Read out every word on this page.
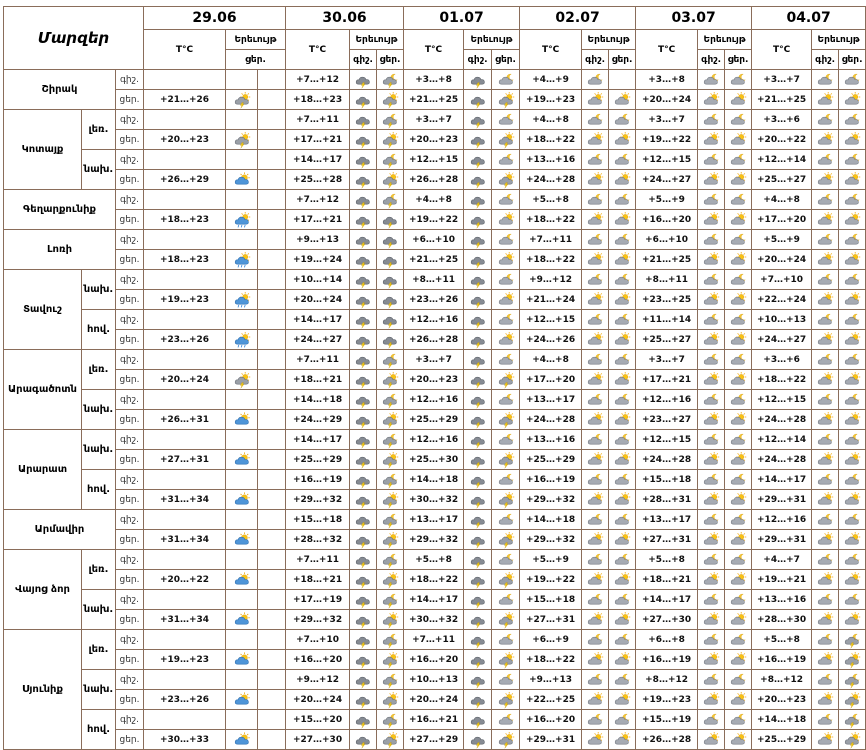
Մարզեր			29.06			30.06			01.07			02.07			03.07			04.07		
			T°C	Երեւույթ		T°C	Երեւույթ		T°C	Երեւույթ		T°C	Երեւույթ		T°C	Երեւույթ		T°C	Երեւույթ	
				ցեր.			գիշ.	ցեր.		գիշ.	ցեր.		գիշ.	ցեր.		գիշ.	ցեր.		գիշ.	ցեր.
Շիրակ		գիշ.				+7…+12			+3…+8			+4…+9			+3…+8			+3…+7		
		ցեր.	+21…+26			+18…+23			+21…+25			+19…+23			+20…+24			+21…+25		
Կոտայք	լեռ.	գիշ.				+7…+11			+3…+7			+4…+8			+3…+7			+3…+6		
		ցեր.	+20…+23			+17…+21			+20…+23			+18…+22			+19…+22			+20…+22		
	նախ.	գիշ.				+14…+17			+12…+15			+13…+16			+12…+15			+12…+14		
		ցեր.	+26…+29			+25…+28			+26…+28			+24…+28			+24…+27			+25…+27		
Գեղարքունիք		գիշ.				+7…+12			+4…+8			+5…+8			+5…+9			+4…+8		
		ցեր.	+18…+23			+17…+21			+19…+22			+18…+22			+16…+20			+17…+20		
Լոռի		գիշ.				+9…+13			+6…+10			+7…+11			+6…+10			+5…+9		
		ցեր.	+18…+23			+19…+24			+21…+25			+18…+22			+21…+25			+20…+24		
Տավուշ	նախ.	գիշ.				+10…+14			+8…+11			+9…+12			+8…+11			+7…+10		
		ցեր.	+19…+23			+20…+24			+23…+26			+21…+24			+23…+25			+22…+24		
	հով.	գիշ.				+14…+17			+12…+16			+12…+15			+11…+14			+10…+13		
		ցեր.	+23…+26			+24…+27			+26…+28			+24…+26			+25…+27			+24…+27		
Արագածոտն	լեռ.	գիշ.				+7…+11			+3…+7			+4…+8			+3…+7			+3…+6		
		ցեր.	+20…+24			+18…+21			+20…+23			+17…+20			+17…+21			+18…+22		
	նախ.	գիշ.				+14…+18			+12…+16			+13…+17			+12…+16			+12…+15		
		ցեր.	+26…+31			+24…+29			+25…+29			+24…+28			+23…+27			+24…+28		
Արարատ	նախ.	գիշ.				+14…+17			+12…+16			+13…+16			+12…+15			+12…+14		
		ցեր.	+27…+31			+25…+29			+25…+30			+25…+29			+24…+28			+24…+28		
	հով.	գիշ.				+16…+19			+14…+18			+16…+19			+15…+18			+14…+17		
		ցեր.	+31…+34			+29…+32			+30…+32			+29…+32			+28…+31			+29…+31		
Արմավիր		գիշ.				+15…+18			+13…+17			+14…+18			+13…+17			+12…+16		
		ցեր.	+31…+34			+28…+32			+29…+32			+29…+32			+27…+31			+29…+31		
Վայոց ձոր	լեռ.	գիշ.				+7…+11			+5…+8			+5…+9			+5…+8			+4…+7		
		ցեր.	+20…+22			+18…+21			+18…+22			+19…+22			+18…+21			+19…+21		
	նախ.	գիշ.				+17…+19			+14…+17			+15…+18			+14…+17			+13…+16		
		ցեր.	+31…+34			+29…+32			+30…+32			+27…+31			+27…+30			+28…+30		
Սյունիք	լեռ.	գիշ.				+7…+10			+7…+11			+6…+9			+6…+8			+5…+8		
		ցեր.	+19…+23			+16…+20			+16…+20			+18…+22			+16…+19			+16…+19		
	նախ.	գիշ.				+9…+12			+10…+13			+9…+13			+8…+12			+8…+12		
		ցեր.	+23…+26			+20…+24			+20…+24			+22…+25			+19…+23			+20…+23		
	հով.	գիշ.				+15…+20			+16…+21			+16…+20			+15…+19			+14…+18		
		ցեր.	+30…+33			+27…+30			+27…+29			+29…+31			+26…+28			+25…+29		
